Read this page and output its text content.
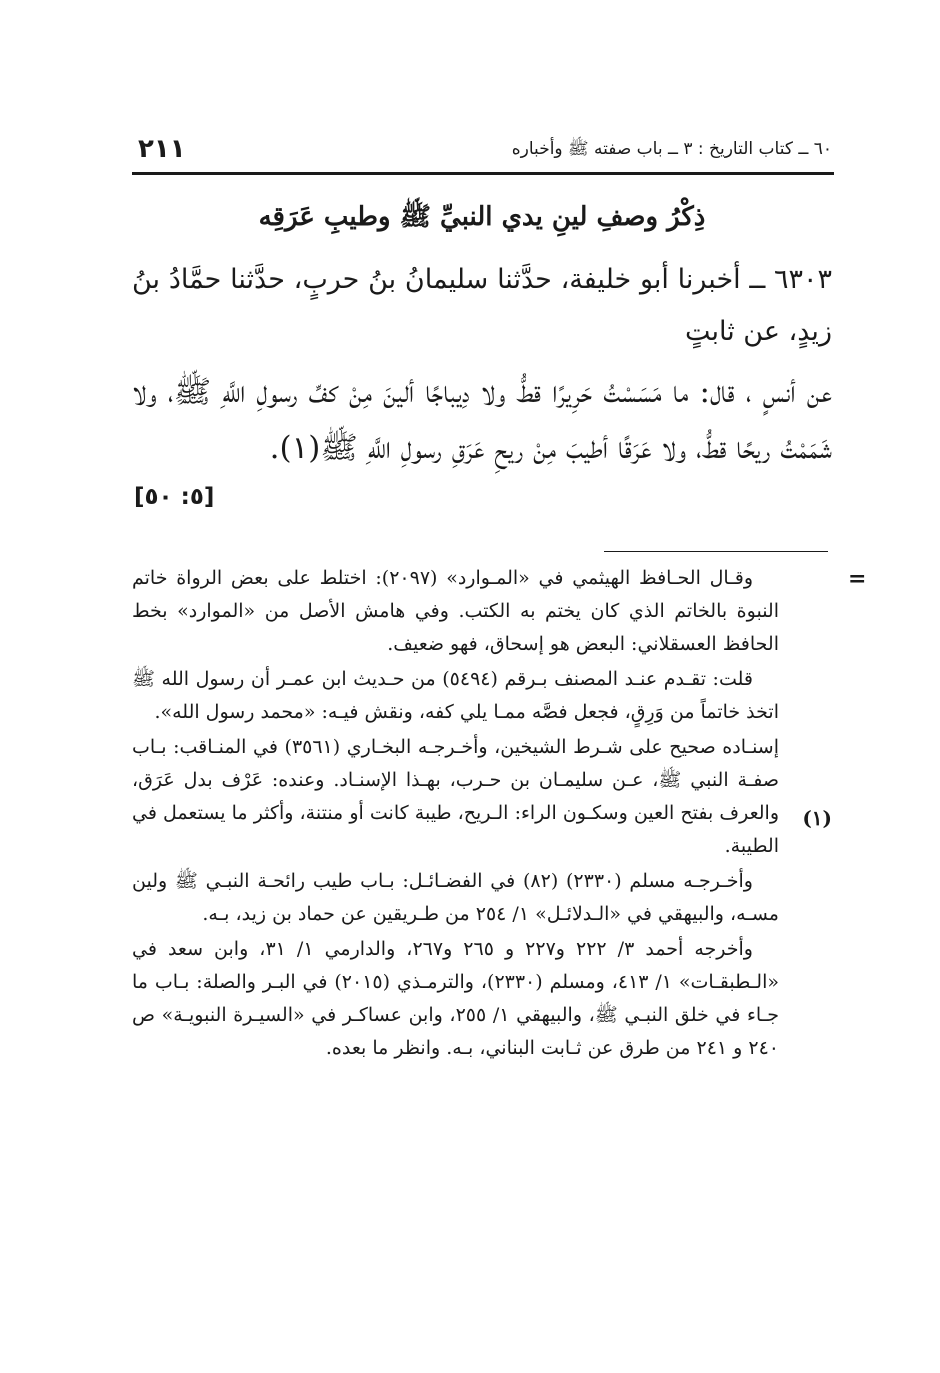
٦٠ ــ كتاب التاريخ : ٣ ــ باب صفته ﷺ وأخباره
٢١١
ذِكْرُ وصفِ لينِ يدي النبيِّ ﷺ وطيبِ عَرَقِه
٦٣٠٣ ــ أخبرنا أبو خليفة، حدَّثنا سليمانُ بنُ حربٍ، حدَّثنا حمَّادُ بنُ زيدٍ، عن ثابتٍ
عن أنسٍ ، قال: ما مَسَسْتُ حَرِيرًا قطُّ ولا دِيباجًا ألينَ مِنْ كفِّ رسولِ اللَّهِ ﷺ، ولا شَمَمْتُ ريحًا قطُّ، ولا عَرَقًا أطيبَ مِنْ ريحِ عَرَقِ رسولِ اللَّهِ ﷺ(١).
[٥: ٥٠]
=

وقـال الحـافظ الهيثمي في «المـوارد» (٢٠٩٧): اختلط على بعض الرواة خاتم النبوة بالخاتم الذي كان يختم به الكتب. وفي هامش الأصل من «الموارد» بخط الحافظ العسقلاني: البعض هو إسحاق، فهو ضعيف.

قلت: تقـدم عنـد المصنف بـرقم (٥٤٩٤) من حـديث ابن عمـر أن رسول الله ﷺ اتخذ خاتماً من وَرِقٍ، فجعل فصَّه ممـا يلي كفه، ونقش فيـه: «محمد رسول الله».

إسنـاده صحيح على شـرط الشيخين، وأخـرجـه البخـاري (٣٥٦١) في المنـاقب: بـاب صفـة النبي ﷺ، عـن سليمـان بن حـرب، بهـذا الإسنـاد. وعنده: عَرْف بدل عَرَق، والعرف بفتح العين وسكـون الراء: الـريح، طيبة كانت أو منتنة، وأكثر ما يستعمل في الطيبة.

وأخـرجـه مسلم (٢٣٣٠) (٨٢) في الفضـائـل: بـاب طيب رائحـة النبـي ﷺ ولين مسـه، والبيهقي في «الـدلائـل» ١/ ٢٥٤ من طـريقين عن حماد بن زيد، بـه.

وأخرجه أحمد ٣/ ٢٢٢ و٢٢٧ و ٢٦٥ و٢٦٧، والدارمي ١/ ٣١، وابن سعد في «الـطبقـات» ١/ ٤١٣، ومسلم (٢٣٣٠)، والترمـذي (٢٠١٥) في البـر والصلة: بـاب ما جـاء في خلق النبـي ﷺ، والبيهقي ١/ ٢٥٥، وابن عساكـر في «السيـرة النبويـة» ص ٢٤٠ و ٢٤١ من طرق عن ثـابت البناني، بـه. وانظر ما بعده.

(١)
